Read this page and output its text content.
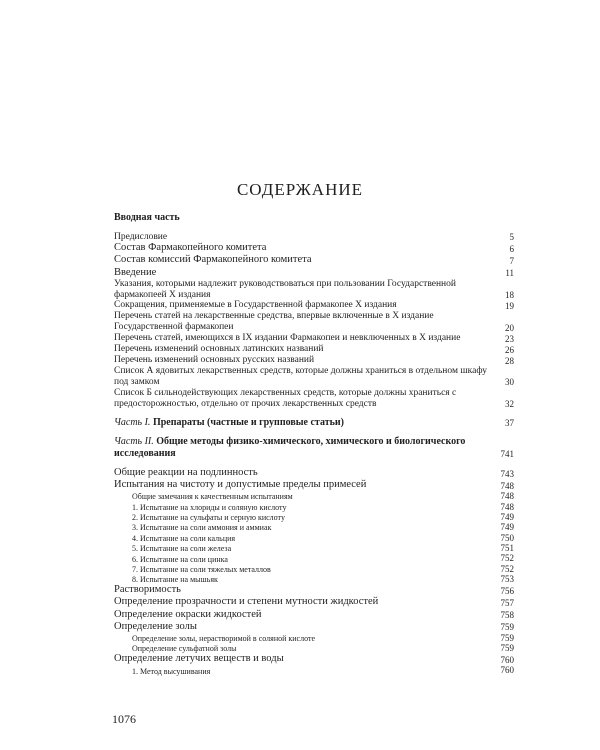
СОДЕРЖАНИЕ
Вводная часть
Предисловие	5
Состав Фармакопейного комитета	6
Состав комиссий Фармакопейного комитета	7
Введение	11
Указания, которыми надлежит руководствоваться при пользовании Государственной фармакопеей X издания	18
Сокращения, применяемые в Государственной фармакопее X издания	19
Перечень статей на лекарственные средства, впервые включенные в X издание Государственной фармакопеи	20
Перечень статей, имеющихся в IX издании Фармакопеи и невключенных в X издание	23
Перечень изменений основных латинских названий	26
Перечень изменений основных русских названий	28
Список А ядовитых лекарственных средств, которые должны храниться в отдельном шкафу под замком	30
Список Б сильнодействующих лекарственных средств, которые должны храниться с предосторожностью, отдельно от прочих лекарственных средств	32
Часть I. Препараты (частные и групповые статьи)	37
Часть II. Общие методы физико-химического, химического и биологического исследования	741
Общие реакции на подлинность	743
Испытания на чистоту и допустимые пределы примесей	748
Общие замечания к качественным испытаниям	748
1. Испытание на хлориды и соляную кислоту	748
2. Испытание на сульфаты и серную кислоту	749
3. Испытание на соли аммония и аммиак	749
4. Испытание на соли кальция	750
5. Испытание на соли железа	751
6. Испытание на соли цинка	752
7. Испытание на соли тяжелых металлов	752
8. Испытание на мышьяк	753
Растворимость	756
Определение прозрачности и степени мутности жидкостей	757
Определение окраски жидкостей	758
Определение золы	759
Определение золы, нерастворимой в соляной кислоте	759
Определение сульфатной золы	759
Определение летучих веществ и воды	760
1. Метод высушивания	760
1076
